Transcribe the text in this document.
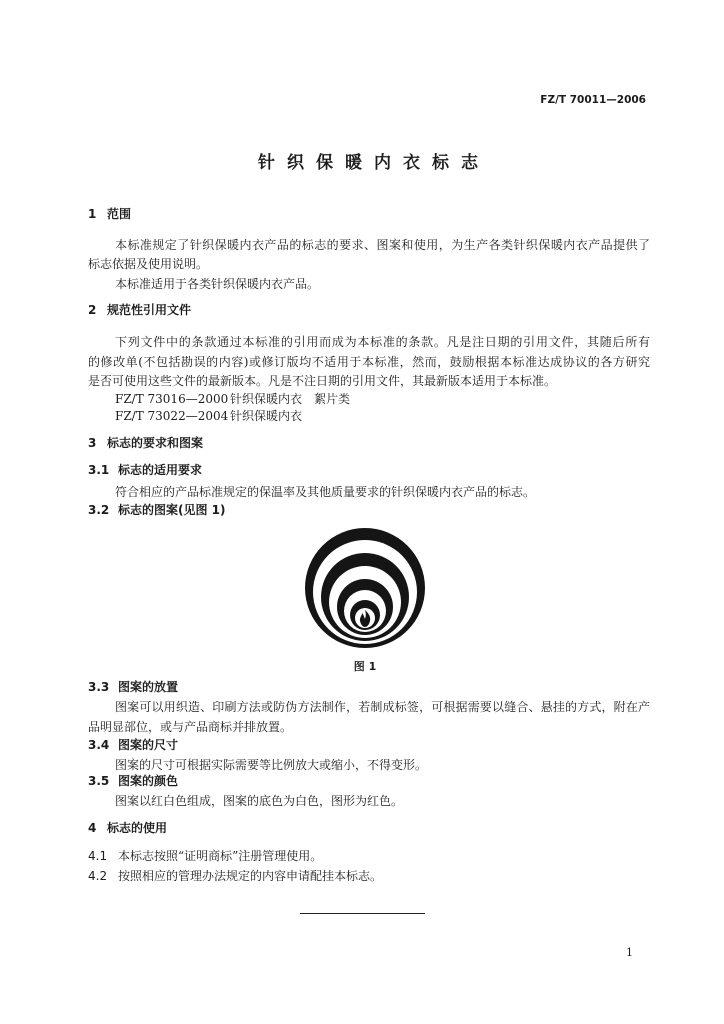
FZ/T 70011—2006
针织保暖内衣标志
1 范围
本标准规定了针织保暖内衣产品的标志的要求、图案和使用，为生产各类针织保暖内衣产品提供了
标志依据及使用说明。
本标准适用于各类针织保暖内衣产品。
2 规范性引用文件
下列文件中的条款通过本标准的引用而成为本标准的条款。凡是注日期的引用文件，其随后所有
的修改单(不包括勘误的内容)或修订版均不适用于本标准，然而，鼓励根据本标准达成协议的各方研究
是否可使用这些文件的最新版本。凡是不注日期的引用文件，其最新版本适用于本标准。
FZ/T 73016—2000 针织保暖内衣　絮片类
FZ/T 73022—2004 针织保暖内衣
3 标志的要求和图案
3.1 标志的适用要求
符合相应的产品标准规定的保温率及其他质量要求的针织保暖内衣产品的标志。
3.2 标志的图案(见图 1)
图 1
3.3 图案的放置
图案可以用织造、印刷方法或防伪方法制作，若制成标签，可根据需要以缝合、悬挂的方式，附在产
品明显部位，或与产品商标并排放置。
3.4 图案的尺寸
图案的尺寸可根据实际需要等比例放大或缩小，不得变形。
3.5 图案的颜色
图案以红白色组成，图案的底色为白色，图形为红色。
4 标志的使用
4.1 本标志按照“证明商标”注册管理使用。
4.2 按照相应的管理办法规定的内容申请配挂本标志。
1
